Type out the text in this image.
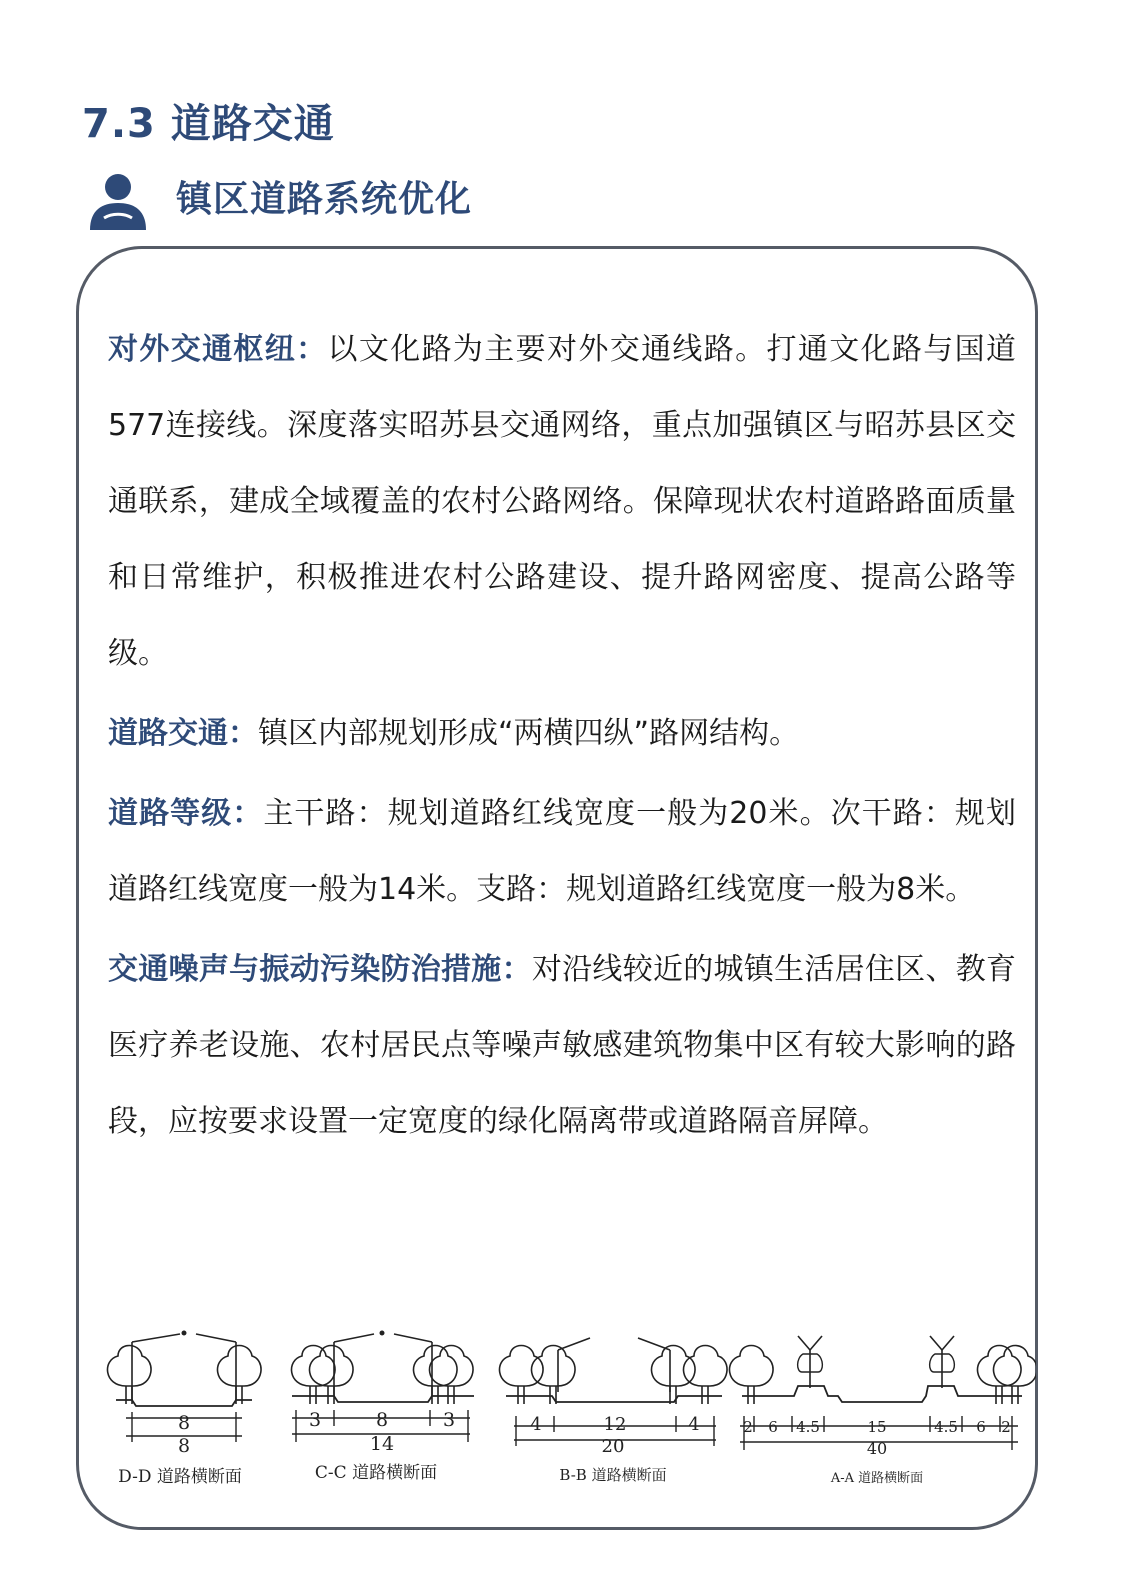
7.3 道路交通
镇区道路系统优化

对外交通枢纽：以文化路为主要对外交通线路。打通文化路与国道577连接线。深度落实昭苏县交通网络，重点加强镇区与昭苏县区交通联系，建成全域覆盖的农村公路网络。保障现状农村道路路面质量和日常维护，积极推进农村公路建设、提升路网密度、提高公路等级。

道路交通：镇区内部规划形成“两横四纵”路网结构。

道路等级：主干路：规划道路红线宽度一般为20米。次干路：规划道路红线宽度一般为14米。支路：规划道路红线宽度一般为8米。

交通噪声与振动污染防治措施：对沿线较近的城镇生活居住区、教育医疗养老设施、农村居民点等噪声敏感建筑物集中区有较大影响的路段，应按要求设置一定宽度的绿化隔离带或道路隔音屏障。

8
8
D-D 道路横断面
3	8	3
14
C-C 道路横断面
4	12	4
20
B-B 道路横断面
2 6 4.5	15	4.5 6 2
40
A-A 道路横断面
